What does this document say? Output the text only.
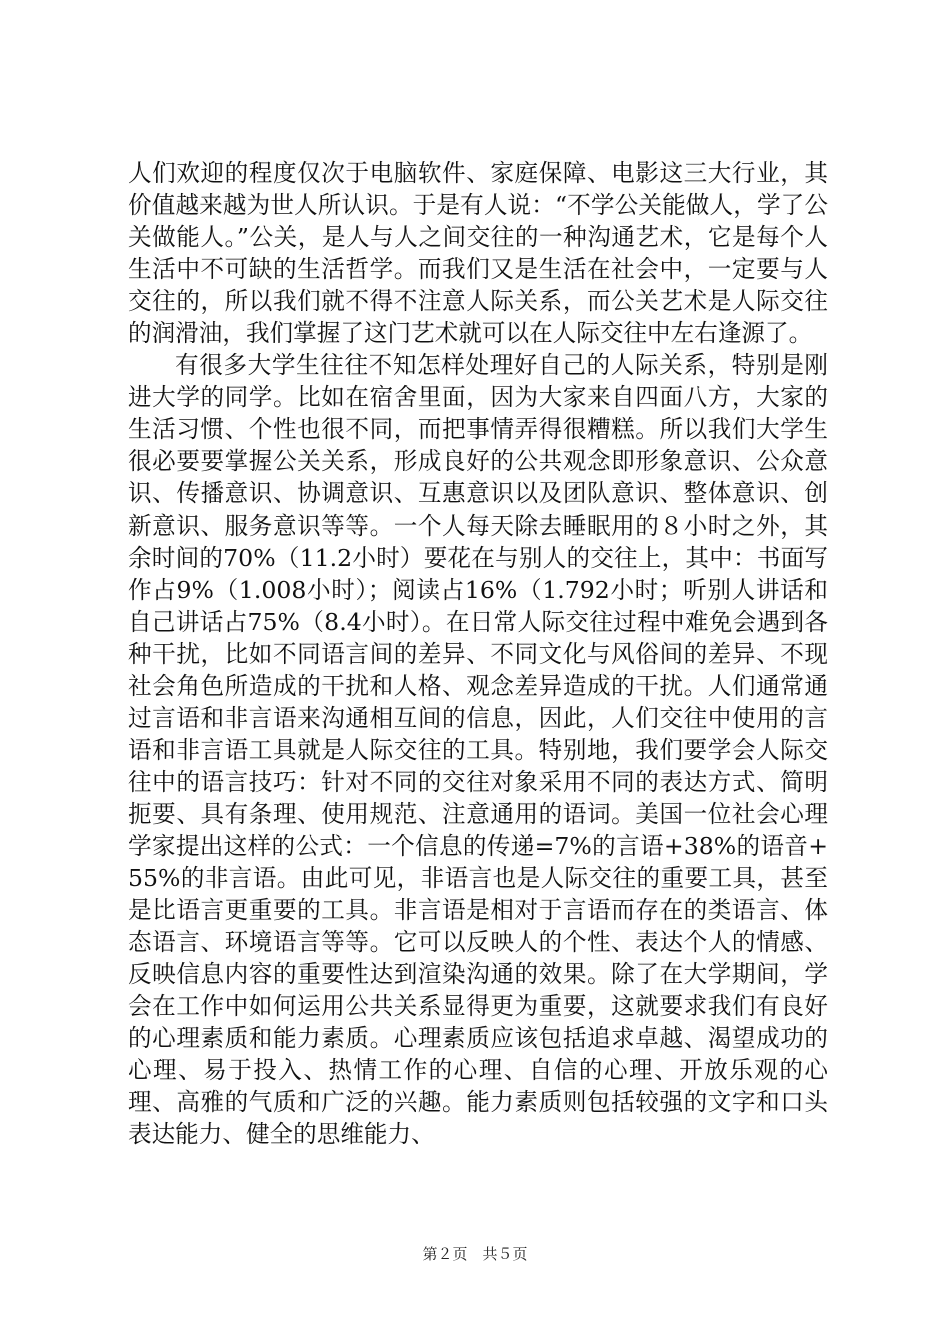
人们欢迎的程度仅次于电脑软件、家庭保障、电影这三大行业，其价值越来越为世人所认识。于是有人说：“不学公关能做人，学了公关做能人。”公关，是人与人之间交往的一种沟通艺术，它是每个人生活中不可缺的生活哲学。而我们又是生活在社会中，一定要与人交往的，所以我们就不得不注意人际关系，而公关艺术是人际交往的润滑油，我们掌握了这门艺术就可以在人际交往中左右逢源了。

有很多大学生往往不知怎样处理好自己的人际关系，特别是刚进大学的同学。比如在宿舍里面，因为大家来自四面八方，大家的生活习惯、个性也很不同，而把事情弄得很糟糕。所以我们大学生很必要要掌握公关关系，形成良好的公共观念即形象意识、公众意识、传播意识、协调意识、互惠意识以及团队意识、整体意识、创新意识、服务意识等等。一个人每天除去睡眠用的８小时之外，其余时间的70%（11.2小时）要花在与别人的交往上，其中：书面写作占9%（1.008小时）；阅读占16%（1.792小时；听别人讲话和自己讲话占75%（8.4小时）。在日常人际交往过程中难免会遇到各种干扰，比如不同语言间的差异、不同文化与风俗间的差异、不现社会角色所造成的干扰和人格、观念差异造成的干扰。人们通常通过言语和非言语来沟通相互间的信息，因此，人们交往中使用的言语和非言语工具就是人际交往的工具。特别地，我们要学会人际交往中的语言技巧：针对不同的交往对象采用不同的表达方式、简明扼要、具有条理、使用规范、注意通用的语词。美国一位社会心理学家提出这样的公式：一个信息的传递=7%的言语+38%的语音+55%的非言语。由此可见，非语言也是人际交往的重要工具，甚至是比语言更重要的工具。非言语是相对于言语而存在的类语言、体态语言、环境语言等等。它可以反映人的个性、表达个人的情感、反映信息内容的重要性达到渲染沟通的效果。除了在大学期间，学会在工作中如何运用公共关系显得更为重要，这就要求我们有良好的心理素质和能力素质。心理素质应该包括追求卓越、渴望成功的心理、易于投入、热情工作的心理、自信的心理、开放乐观的心理、高雅的气质和广泛的兴趣。能力素质则包括较强的文字和口头表达能力、健全的思维能力、

第２页　共５页
